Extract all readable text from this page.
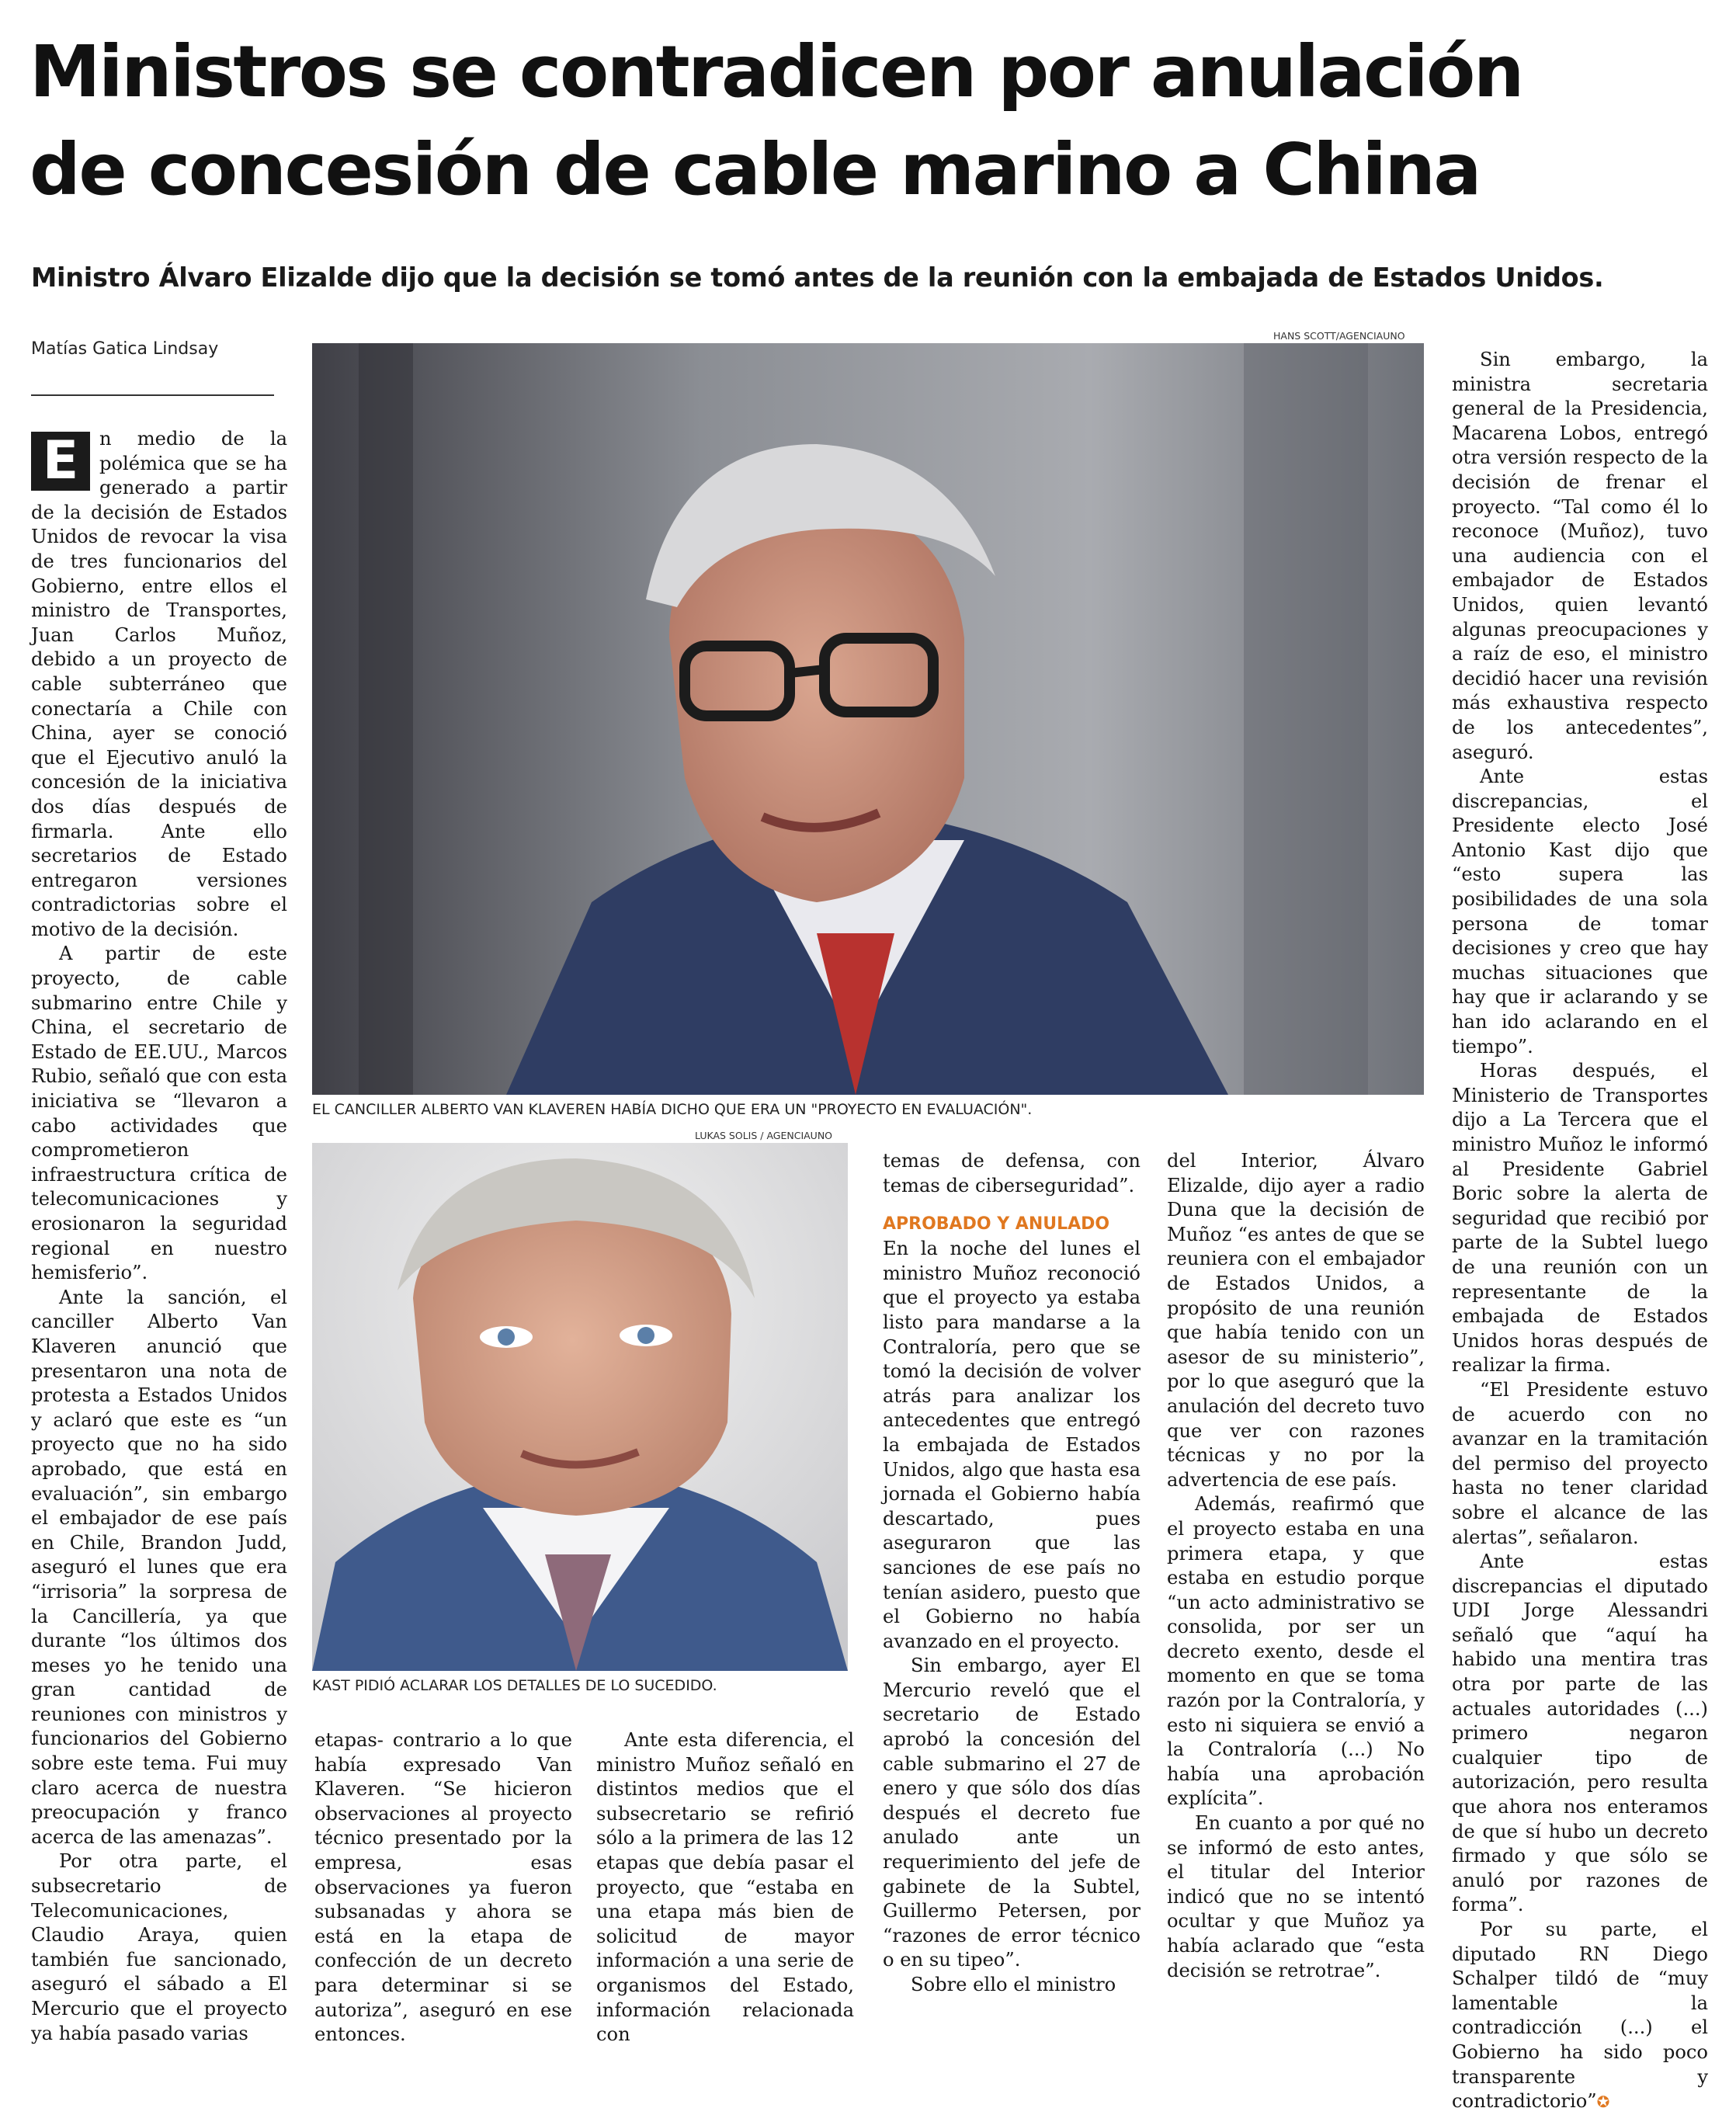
Ministros se contradicen por anulación
de concesión de cable marino a China
Ministro Álvaro Elizalde dijo que la decisión se tomó antes de la reunión con la embajada de Estados Unidos.
Matías Gatica Lindsay
HANS SCOTT/AGENCIAUNO
EL CANCILLER ALBERTO VAN KLAVEREN HABÍA DICHO QUE ERA UN "PROYECTO EN EVALUACIÓN".
LUKAS SOLIS / AGENCIAUNO
KAST PIDIÓ ACLARAR LOS DETALLES DE LO SUCEDIDO.

E	n medio de la polémica que se ha generado a partir de la decisión de Estados Unidos de revocar la visa de tres funcionarios del Gobierno, entre ellos el ministro de Transportes, Juan Carlos Muñoz, debido a un proyecto de cable subterráneo que conectaría a Chile con China, ayer se conoció que el Ejecutivo anuló la concesión de la iniciativa dos días después de firmarla. Ante ello secretarios de Estado entregaron versiones contradictorias sobre el motivo de la decisión.

A partir de este proyecto, de cable submarino entre Chile y China, el secretario de Estado de EE.UU., Marcos Rubio, señaló que con esta iniciativa se “llevaron a cabo actividades que comprometieron infraestructura crítica de telecomunicaciones y erosionaron la seguridad regional en nuestro hemisferio”.

Ante la sanción, el canciller Alberto Van Klaveren anunció que presentaron una nota de protesta a Estados Unidos y aclaró que este es “un proyecto que no ha sido aprobado, que está en evaluación”, sin embargo el embajador de ese país en Chile, Brandon Judd, aseguró el lunes que era “irrisoria” la sorpresa de la Cancillería, ya que durante “los últimos dos meses yo he tenido una gran cantidad de reuniones con ministros y funcionarios del Gobierno sobre este tema. Fui muy claro acerca de nuestra preocupación y franco acerca de las amenazas”.

Por otra parte, el subsecretario de Telecomunicaciones, Claudio Araya, quien también fue sancionado, aseguró el sábado a El Mercurio que el proyecto ya había pasado varias

etapas- contrario a lo que había expresado Van Klaveren. “Se hicieron observaciones al proyecto técnico presentado por la empresa, esas observaciones ya fueron subsanadas y ahora se está en la etapa de confección de un decreto para determinar si se autoriza”, aseguró en ese entonces.

Ante esta diferencia, el ministro Muñoz señaló en distintos medios que el subsecretario se refirió sólo a la primera de las 12 etapas que debía pasar el proyecto, que “estaba en una etapa más bien de solicitud de mayor información a una serie de organismos del Estado, información relacionada con

temas de defensa, con temas de ciberseguridad”.

APROBADO Y ANULADO

En la noche del lunes el ministro Muñoz reconoció que el proyecto ya estaba listo para mandarse a la Contraloría, pero que se tomó la decisión de volver atrás para analizar los antecedentes que entregó la embajada de Estados Unidos, algo que hasta esa jornada el Gobierno había descartado, pues aseguraron que las sanciones de ese país no tenían asidero, puesto que el Gobierno no había avanzado en el proyecto.

Sin embargo, ayer El Mercurio reveló que el secretario de Estado aprobó la concesión del cable submarino el 27 de enero y que sólo dos días después el decreto fue anulado ante un requerimiento del jefe de gabinete de la Subtel, Guillermo Petersen, por “razones de error técnico o en su tipeo”.

Sobre ello el ministro

del Interior, Álvaro Elizalde, dijo ayer a radio Duna que la decisión de Muñoz “es antes de que se reuniera con el embajador de Estados Unidos, a propósito de una reunión que había tenido con un asesor de su ministerio”, por lo que aseguró que la anulación del decreto tuvo que ver con razones técnicas y no por la advertencia de ese país.

Además, reafirmó que el proyecto estaba en una primera etapa, y que estaba en estudio porque “un acto administrativo se consolida, por ser un decreto exento, desde el momento en que se toma razón por la Contraloría, y esto ni siquiera se envió a la Contraloría (...) No había una aprobación explícita”.

En cuanto a por qué no se informó de esto antes, el titular del Interior indicó que no se intentó ocultar y que Muñoz ya había aclarado que “esta decisión se retrotrae”.

Sin embargo, la ministra secretaria general de la Presidencia, Macarena Lobos, entregó otra versión respecto de la decisión de frenar el proyecto. “Tal como él lo reconoce (Muñoz), tuvo una audiencia con el embajador de Estados Unidos, quien levantó algunas preocupaciones y a raíz de eso, el ministro decidió hacer una revisión más exhaustiva respecto de los antecedentes”, aseguró.

Ante estas discrepancias, el Presidente electo José Antonio Kast dijo que “esto supera las posibilidades de una sola persona de tomar decisiones y creo que hay muchas situaciones que hay que ir aclarando y se han ido aclarando en el tiempo”.

Horas después, el Ministerio de Transportes dijo a La Tercera que el ministro Muñoz le informó al Presidente Gabriel Boric sobre la alerta de seguridad que recibió por parte de la Subtel luego de una reunión con un representante de la embajada de Estados Unidos horas después de realizar la firma.

“El Presidente estuvo de acuerdo con no avanzar en la tramitación del permiso del proyecto hasta no tener claridad sobre el alcance de las alertas”, señalaron.

Ante estas discrepancias el diputado UDI Jorge Alessandri señaló que “aquí ha habido una mentira tras otra por parte de las actuales autoridades (...) primero negaron cualquier tipo de autorización, pero resulta que ahora nos enteramos de que sí hubo un decreto firmado y que sólo se anuló por razones de forma”.

Por su parte, el diputado RN Diego Schalper tildó de “muy lamentable la contradicción (...) el Gobierno ha sido poco transparente y contradictorio”✪
